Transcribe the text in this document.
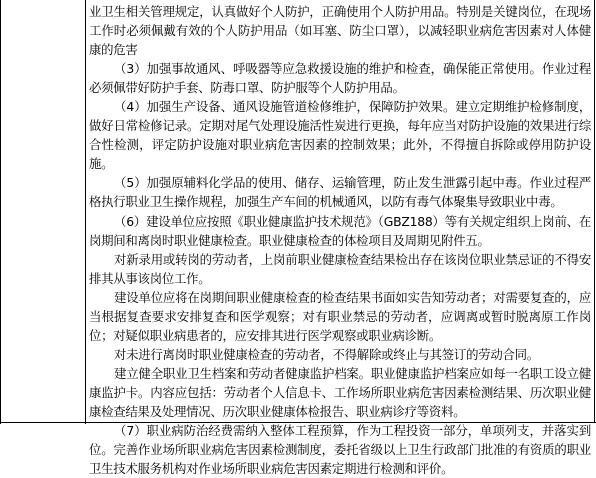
业卫生相关管理规定，认真做好个人防护，正确使用个人防护用品。特别是关键岗位，在现场工作时必须佩戴有效的个人防护用品（如耳塞、防尘口罩），以减轻职业病危害因素对人体健康的危害

（3）加强事故通风、呼吸器等应急救援设施的维护和检查，确保能正常使用。作业过程必须佩带好防护手套、防毒口罩、防护服等个人防护用品。

（4）加强生产设备、通风设施管道检修维护，保障防护效果。建立定期维护检修制度，做好日常检修记录。定期对尾气处理设施活性炭进行更换，每年应当对防护设施的效果进行综合性检测，评定防护设施对职业病危害因素的控制效果；此外，不得擅自拆除或停用防护设施。

（5）加强原辅料化学品的使用、储存、运输管理，防止发生泄露引起中毒。作业过程严格执行职业卫生操作规程，加强生产车间的机械通风，以防有毒气体聚集导致职业中毒。

（6）建设单位应按照《职业健康监护技术规范》（GBZ188）等有关规定组织上岗前、在岗期间和离岗时职业健康检查。职业健康检查的体检项目及周期见附件五。

对新录用或转岗的劳动者，上岗前职业健康检查结果检出存在该岗位职业禁忌证的不得安排其从事该岗位工作。

建设单位应将在岗期间职业健康检查的检查结果书面如实告知劳动者；对需要复查的，应当根据复查要求安排复查和医学观察；对有职业禁忌的劳动者，应调离或暂时脱离原工作岗位；对疑似职业病患者的，应安排其进行医学观察或职业病诊断。

对未进行离岗时职业健康检查的劳动者，不得解除或终止与其签订的劳动合同。

建立健全职业卫生档案和劳动者健康监护档案。职业健康监护档案应如每一名职工设立健康监护卡。内容应包括：劳动者个人信息卡、工作场所职业病危害因素检测结果、历次职业健康检查结果及处理情况、历次职业健康体检报告、职业病诊疗等资料。

（7）职业病防治经费需纳入整体工程预算，作为工程投资一部分，单项列支，并落实到位。完善作业场所职业病危害因素检测制度，委托省级以上卫生行政部门批准的有资质的职业卫生技术服务机构对作业场所职业病危害因素定期进行检测和评价。
